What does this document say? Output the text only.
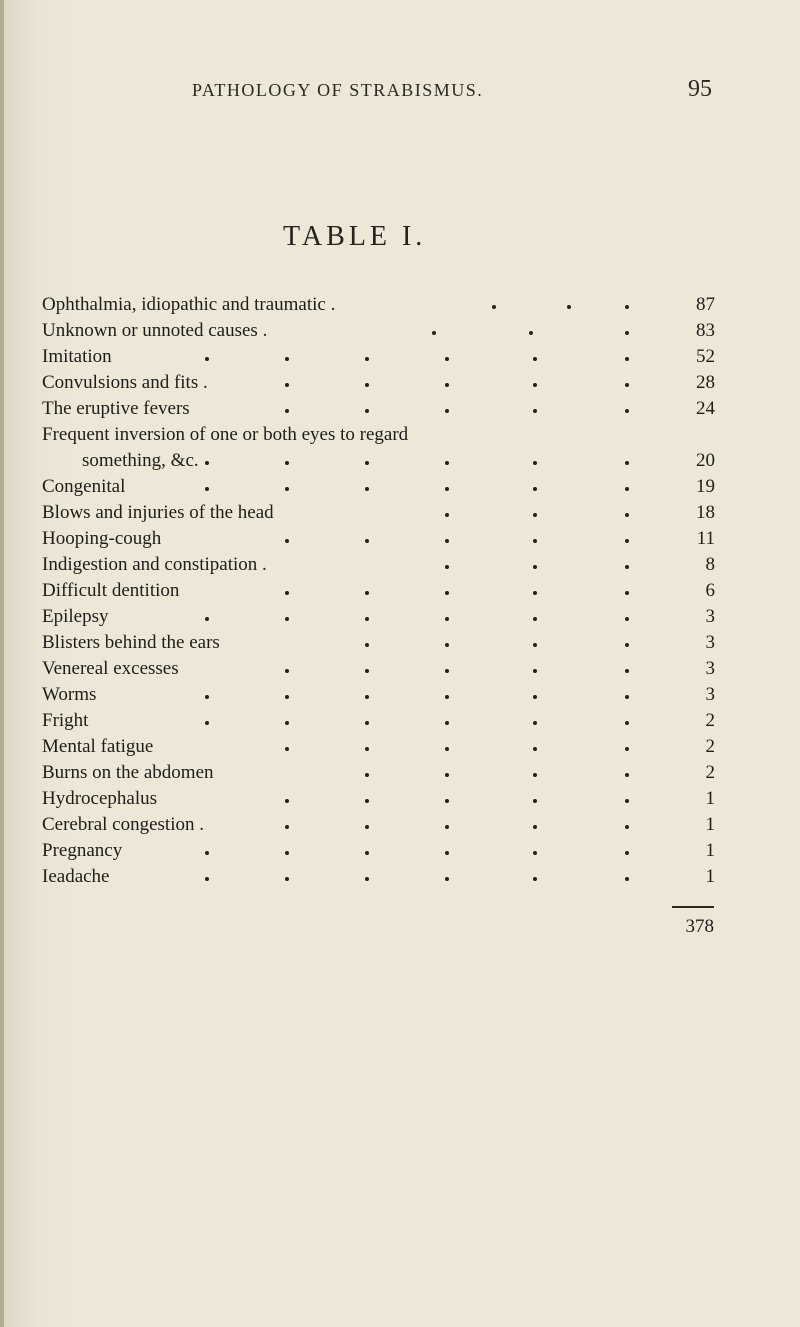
PATHOLOGY OF STRABISMUS.	95
TABLE I.
Ophthalmia, idiopathic and traumatic .	87
Unknown or unnoted causes .	83
Imitation	52
Convulsions and fits .	28
The eruptive fevers	24
Frequent inversion of one or both eyes to regard
something, &c.	20
Congenital	19
Blows and injuries of the head	18
Hooping-cough	11
Indigestion and constipation .	8
Difficult dentition	6
Epilepsy	3
Blisters behind the ears	3
Venereal excesses	3
Worms	3
Fright	2
Mental fatigue	2
Burns on the abdomen	2
Hydrocephalus	1
Cerebral congestion .	1
Pregnancy	1
Ieadache	1
378
